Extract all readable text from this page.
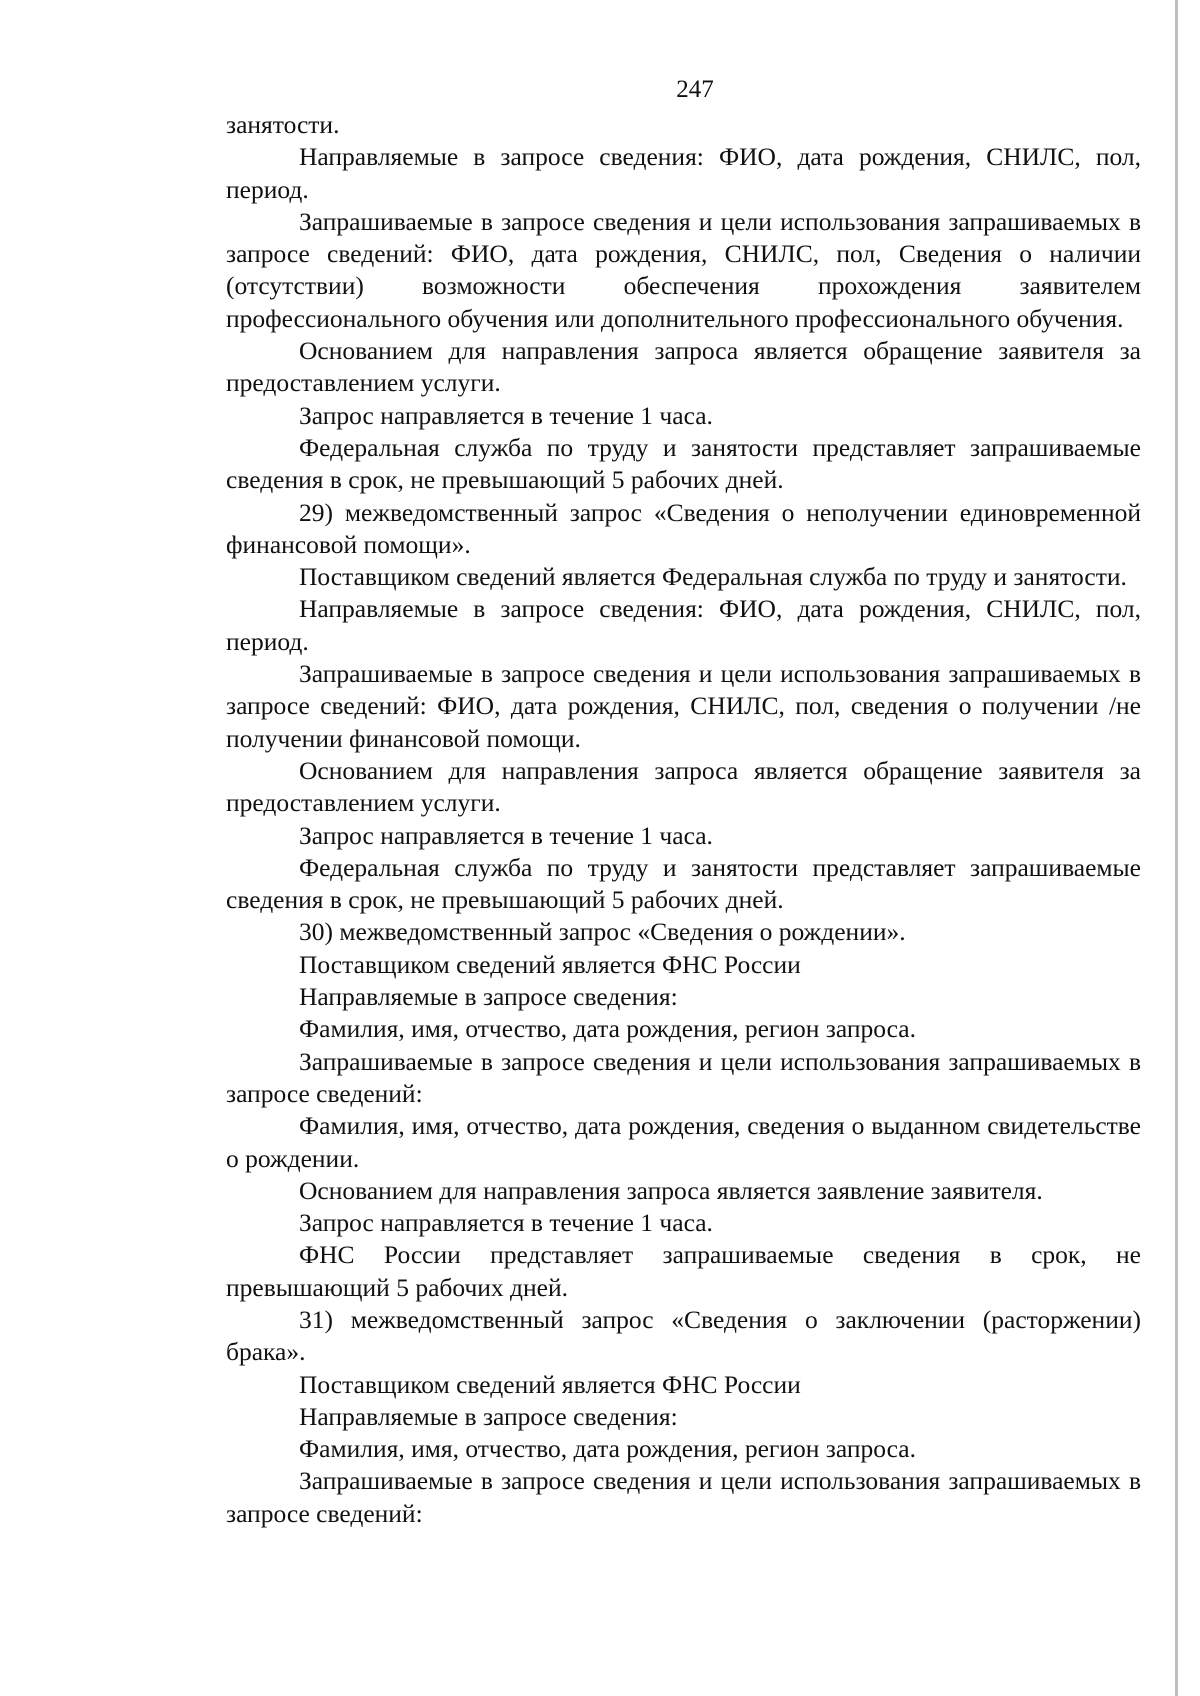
247

занятости.

Направляемые в запросе сведения: ФИО, дата рождения, СНИЛС, пол, период.

Запрашиваемые в запросе сведения и цели использования запрашиваемых в запросе сведений: ФИО, дата рождения, СНИЛС, пол, Сведения о наличии (отсутствии) возможности обеспечения прохождения заявителем профессионального обучения или дополнительного профессионального обучения.

Основанием для направления запроса является обращение заявителя за предоставлением услуги.

Запрос направляется в течение 1 часа.

Федеральная служба по труду и занятости представляет запрашиваемые сведения в срок, не превышающий 5 рабочих дней.

29) межведомственный запрос «Сведения о неполучении единовременной финансовой помощи».

Поставщиком сведений является Федеральная служба по труду и занятости.

Направляемые в запросе сведения: ФИО, дата рождения, СНИЛС, пол, период.

Запрашиваемые в запросе сведения и цели использования запрашиваемых в запросе сведений: ФИО, дата рождения, СНИЛС, пол, сведения о получении /не получении финансовой помощи.

Основанием для направления запроса является обращение заявителя за предоставлением услуги.

Запрос направляется в течение 1 часа.

Федеральная служба по труду и занятости представляет запрашиваемые сведения в срок, не превышающий 5 рабочих дней.

30) межведомственный запрос «Сведения о рождении».

Поставщиком сведений является ФНС России

Направляемые в запросе сведения:

Фамилия, имя, отчество, дата рождения, регион запроса.

Запрашиваемые в запросе сведения и цели использования запрашиваемых в запросе сведений:

Фамилия, имя, отчество, дата рождения, сведения о выданном свидетельстве о рождении.

Основанием для направления запроса является заявление заявителя.

Запрос направляется в течение 1 часа.

ФНС России представляет запрашиваемые сведения в срок, не превышающий 5 рабочих дней.

31) межведомственный запрос «Сведения о заключении (расторжении) брака».

Поставщиком сведений является ФНС России

Направляемые в запросе сведения:

Фамилия, имя, отчество, дата рождения, регион запроса.

Запрашиваемые в запросе сведения и цели использования запрашиваемых в запросе сведений:
